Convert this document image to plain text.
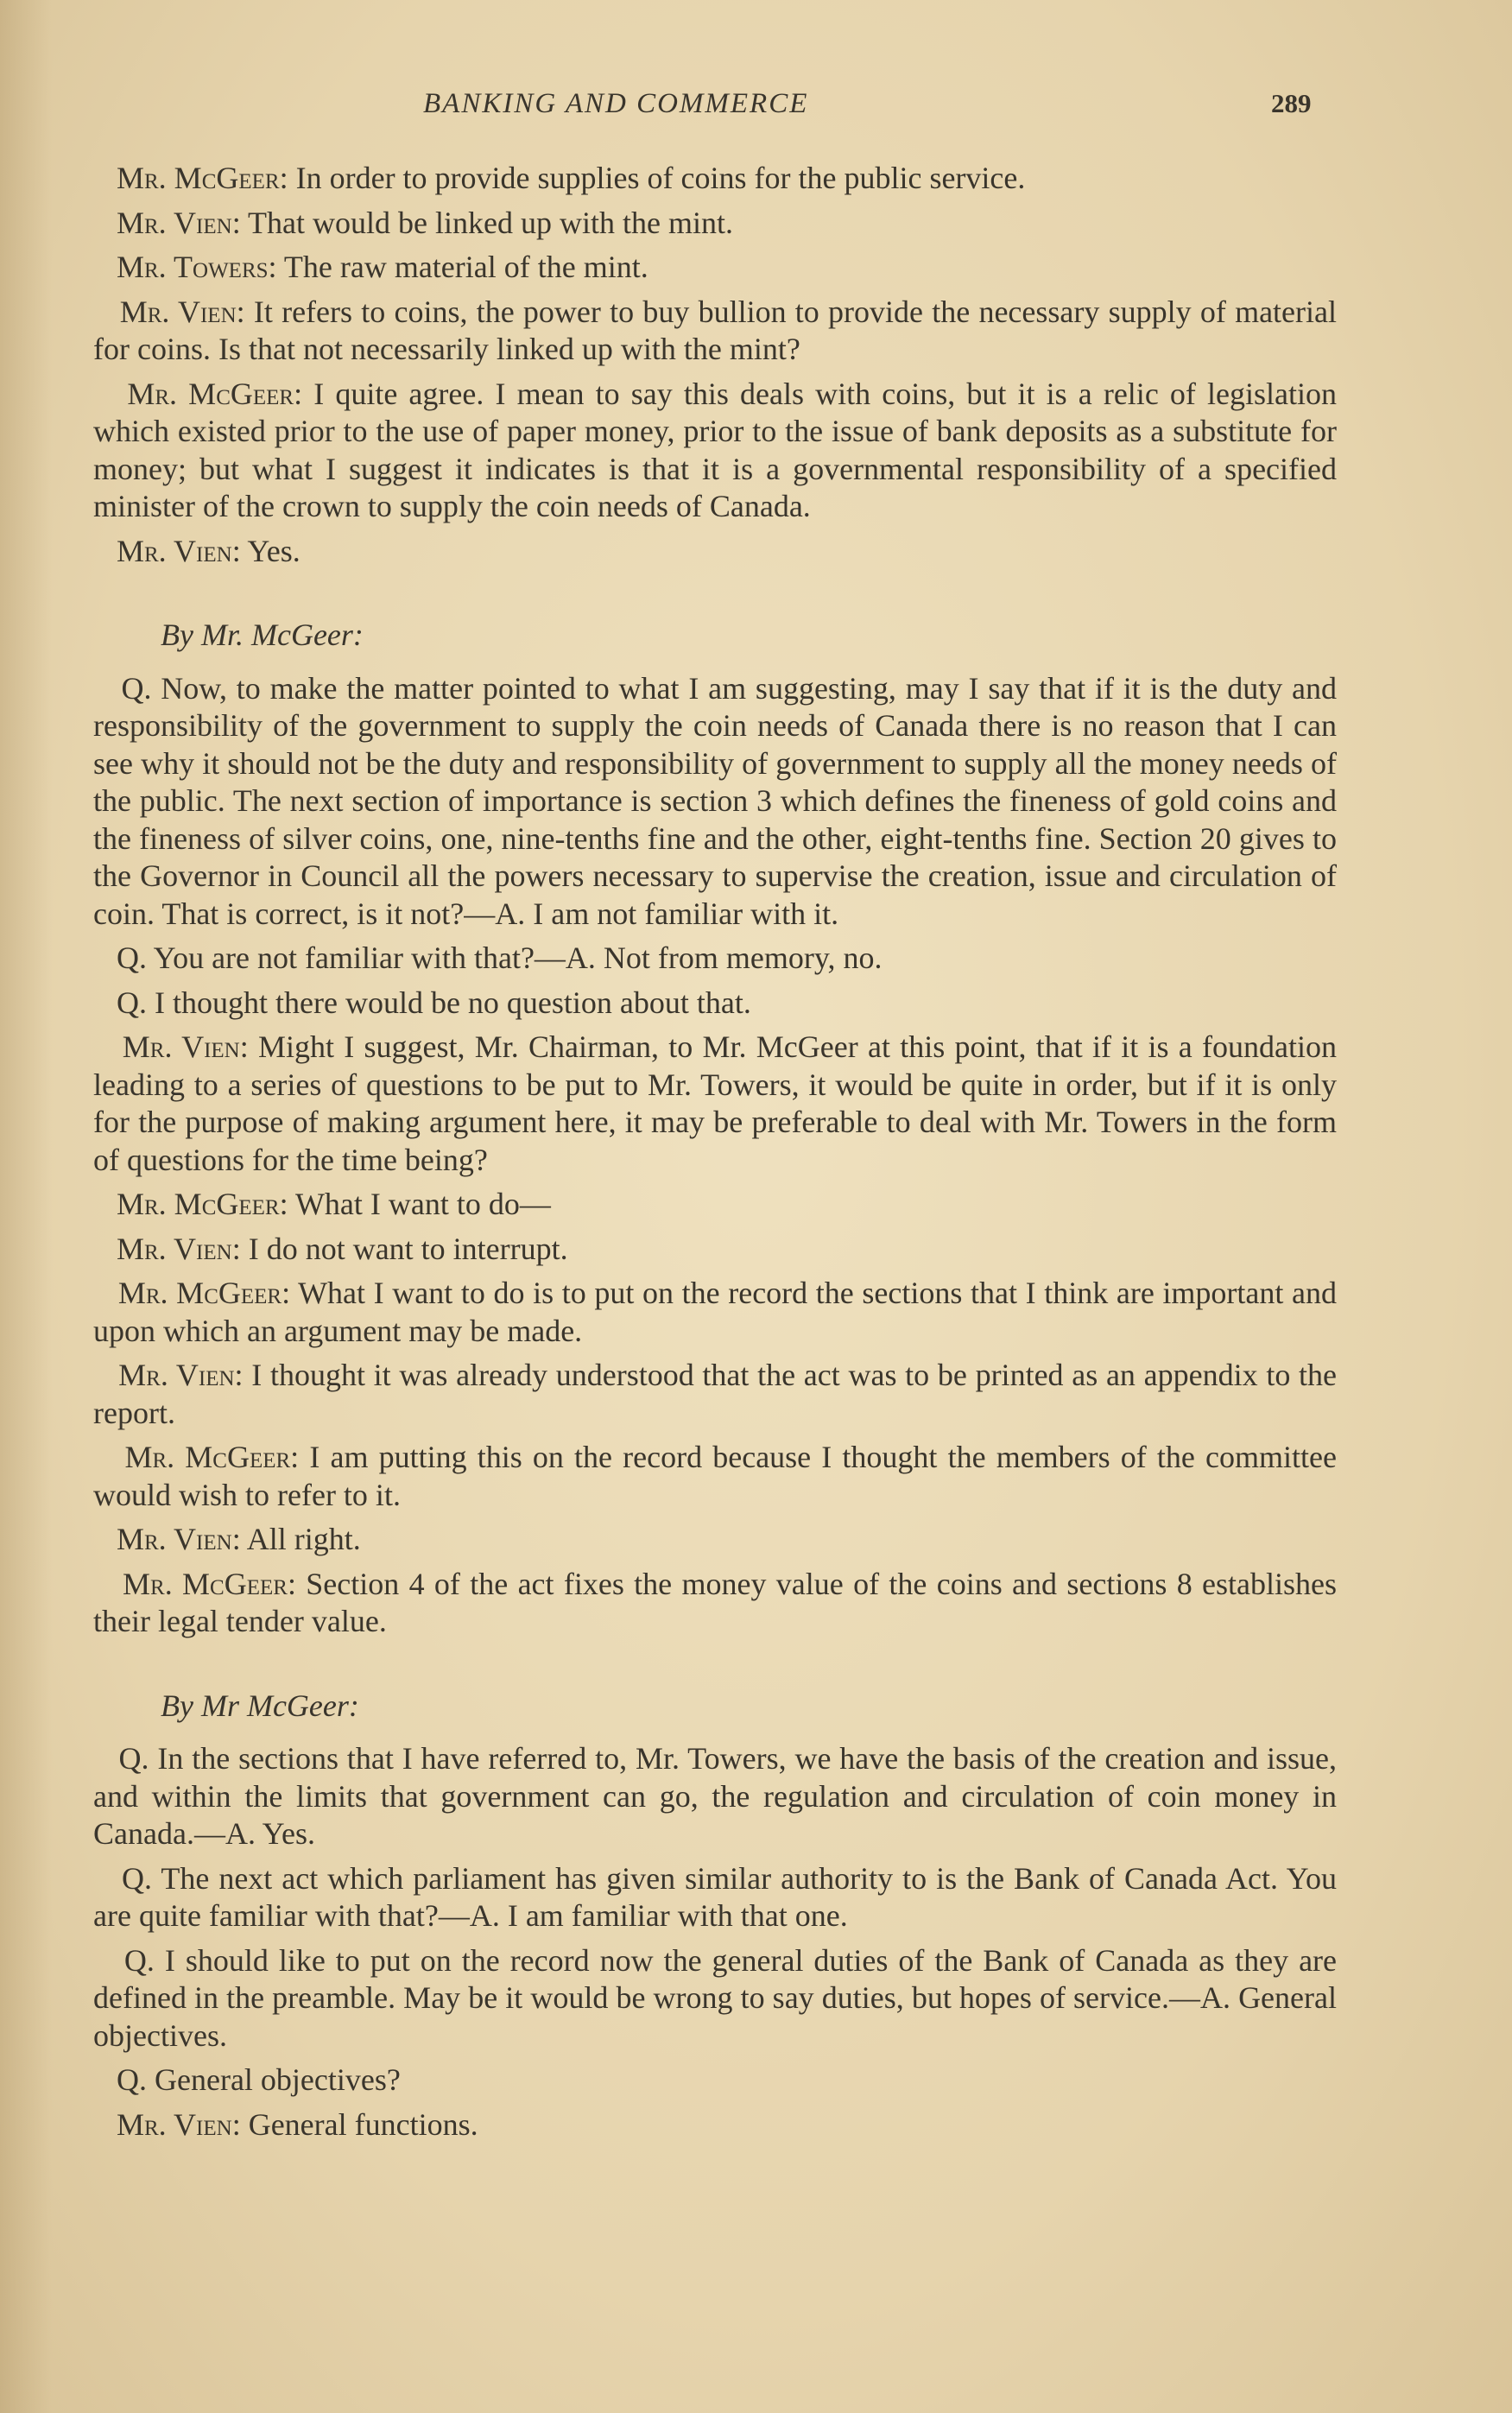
BANKING AND COMMERCE	289

Mr. McGeer: In order to provide supplies of coins for the public service.

Mr. Vien: That would be linked up with the mint.

Mr. Towers: The raw material of the mint.

Mr. Vien: It refers to coins, the power to buy bullion to provide the necessary supply of material for coins. Is that not necessarily linked up with the mint?

Mr. McGeer: I quite agree. I mean to say this deals with coins, but it is a relic of legislation which existed prior to the use of paper money, prior to the issue of bank deposits as a substitute for money; but what I suggest it indicates is that it is a governmental responsibility of a specified minister of the crown to supply the coin needs of Canada.

Mr. Vien: Yes.

By Mr. McGeer:

Q. Now, to make the matter pointed to what I am suggesting, may I say that if it is the duty and responsibility of the government to supply the coin needs of Canada there is no reason that I can see why it should not be the duty and responsibility of government to supply all the money needs of the public. The next section of importance is section 3 which defines the fineness of gold coins and the fineness of silver coins, one, nine-tenths fine and the other, eight-tenths fine. Section 20 gives to the Governor in Council all the powers necessary to supervise the creation, issue and circulation of coin. That is correct, is it not?—A. I am not familiar with it.

Q. You are not familiar with that?—A. Not from memory, no.

Q. I thought there would be no question about that.

Mr. Vien: Might I suggest, Mr. Chairman, to Mr. McGeer at this point, that if it is a foundation leading to a series of questions to be put to Mr. Towers, it would be quite in order, but if it is only for the purpose of making argument here, it may be preferable to deal with Mr. Towers in the form of questions for the time being?

Mr. McGeer: What I want to do—

Mr. Vien: I do not want to interrupt.

Mr. McGeer: What I want to do is to put on the record the sections that I think are important and upon which an argument may be made.

Mr. Vien: I thought it was already understood that the act was to be printed as an appendix to the report.

Mr. McGeer: I am putting this on the record because I thought the members of the committee would wish to refer to it.

Mr. Vien: All right.

Mr. McGeer: Section 4 of the act fixes the money value of the coins and sections 8 establishes their legal tender value.

By Mr McGeer:

Q. In the sections that I have referred to, Mr. Towers, we have the basis of the creation and issue, and within the limits that government can go, the regulation and circulation of coin money in Canada.—A. Yes.

Q. The next act which parliament has given similar authority to is the Bank of Canada Act. You are quite familiar with that?—A. I am familiar with that one.

Q. I should like to put on the record now the general duties of the Bank of Canada as they are defined in the preamble. May be it would be wrong to say duties, but hopes of service.—A. General objectives.

Q. General objectives?

Mr. Vien: General functions.
